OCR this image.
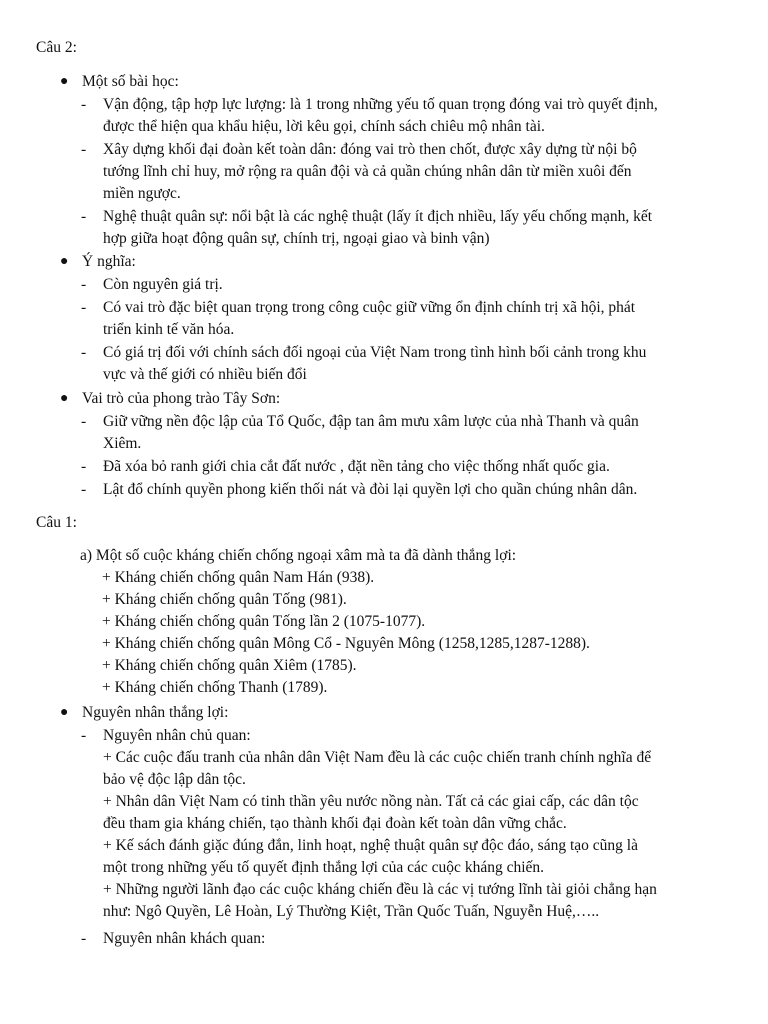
Câu 2:
● Một số bài học:
- Vận động, tập hợp lực lượng: là 1 trong những yếu tố quan trọng đóng vai trò quyết định,
được thể hiện qua khẩu hiệu, lời kêu gọi, chính sách chiêu mộ nhân tài.
- Xây dựng khối đại đoàn kết toàn dân: đóng vai trò then chốt, được xây dựng từ nội bộ
tướng lĩnh chỉ huy, mở rộng ra quân đội và cả quần chúng nhân dân từ miền xuôi đến
miền ngược.
- Nghệ thuật quân sự: nổi bật là các nghệ thuật (lấy ít địch nhiều, lấy yếu chống mạnh, kết
hợp giữa hoạt động quân sự, chính trị, ngoại giao và binh vận)
● Ý nghĩa:
- Còn nguyên giá trị.
- Có vai trò đặc biệt quan trọng trong công cuộc giữ vững ổn định chính trị xã hội, phát
triển kinh tế văn hóa.
- Có giá trị đối với chính sách đối ngoại của Việt Nam trong tình hình bối cảnh trong khu
vực và thế giới có nhiều biến đổi
● Vai trò của phong trào Tây Sơn:
- Giữ vững nền độc lập của Tổ Quốc, đập tan âm mưu xâm lược của nhà Thanh và quân
Xiêm.
- Đã xóa bỏ ranh giới chia cắt đất nước , đặt nền tảng cho việc thống nhất quốc gia.
- Lật đổ chính quyền phong kiến thối nát và đòi lại quyền lợi cho quần chúng nhân dân.
Câu 1:
a) Một số cuộc kháng chiến chống ngoại xâm mà ta đã dành thắng lợi:
+ Kháng chiến chống quân Nam Hán (938).
+ Kháng chiến chống quân Tống (981).
+ Kháng chiến chống quân Tống lần 2 (1075-1077).
+ Kháng chiến chống quân Mông Cổ - Nguyên Mông (1258,1285,1287-1288).
+ Kháng chiến chống quân Xiêm (1785).
+ Kháng chiến chống Thanh (1789).
● Nguyên nhân thắng lợi:
- Nguyên nhân chủ quan:
+ Các cuộc đấu tranh của nhân dân Việt Nam đều là các cuộc chiến tranh chính nghĩa để
bảo vệ độc lập dân tộc.
+ Nhân dân Việt Nam có tinh thần yêu nước nồng nàn. Tất cả các giai cấp, các dân tộc
đều tham gia kháng chiến, tạo thành khối đại đoàn kết toàn dân vững chắc.
+ Kế sách đánh giặc đúng đắn, linh hoạt, nghệ thuật quân sự độc đáo, sáng tạo cũng là
một trong những yếu tố quyết định thắng lợi của các cuộc kháng chiến.
+ Những người lãnh đạo các cuộc kháng chiến đều là các vị tướng lĩnh tài giỏi chẳng hạn
như: Ngô Quyền, Lê Hoàn, Lý Thường Kiệt, Trần Quốc Tuấn, Nguyễn Huệ,…..
- Nguyên nhân khách quan:
